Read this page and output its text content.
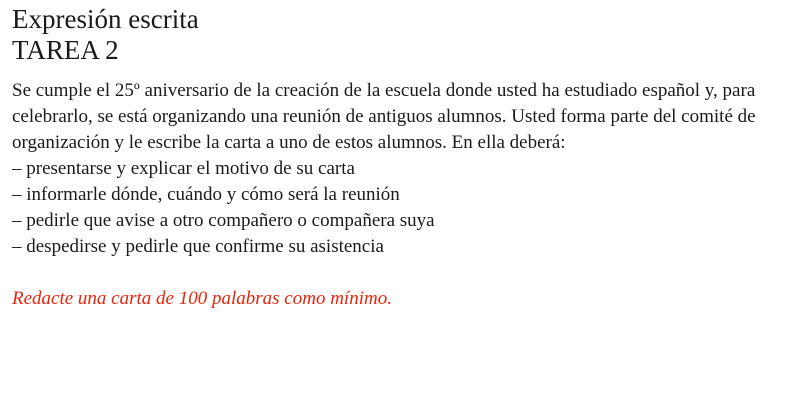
Expresión escrita
TAREA 2

Se cumple el 25º aniversario de la creación de la escuela donde usted ha estudiado español y, para celebrarlo, se está organizando una reunión de antiguos alumnos. Usted forma parte del comité de organización y le escribe la carta a uno de estos alumnos. En ella deberá:

– presentarse y explicar el motivo de su carta
– informarle dónde, cuándo y cómo será la reunión
– pedirle que avise a otro compañero o compañera suya
– despedirse y pedirle que confirme su asistencia
Redacte una carta de 100 palabras como mínimo.
